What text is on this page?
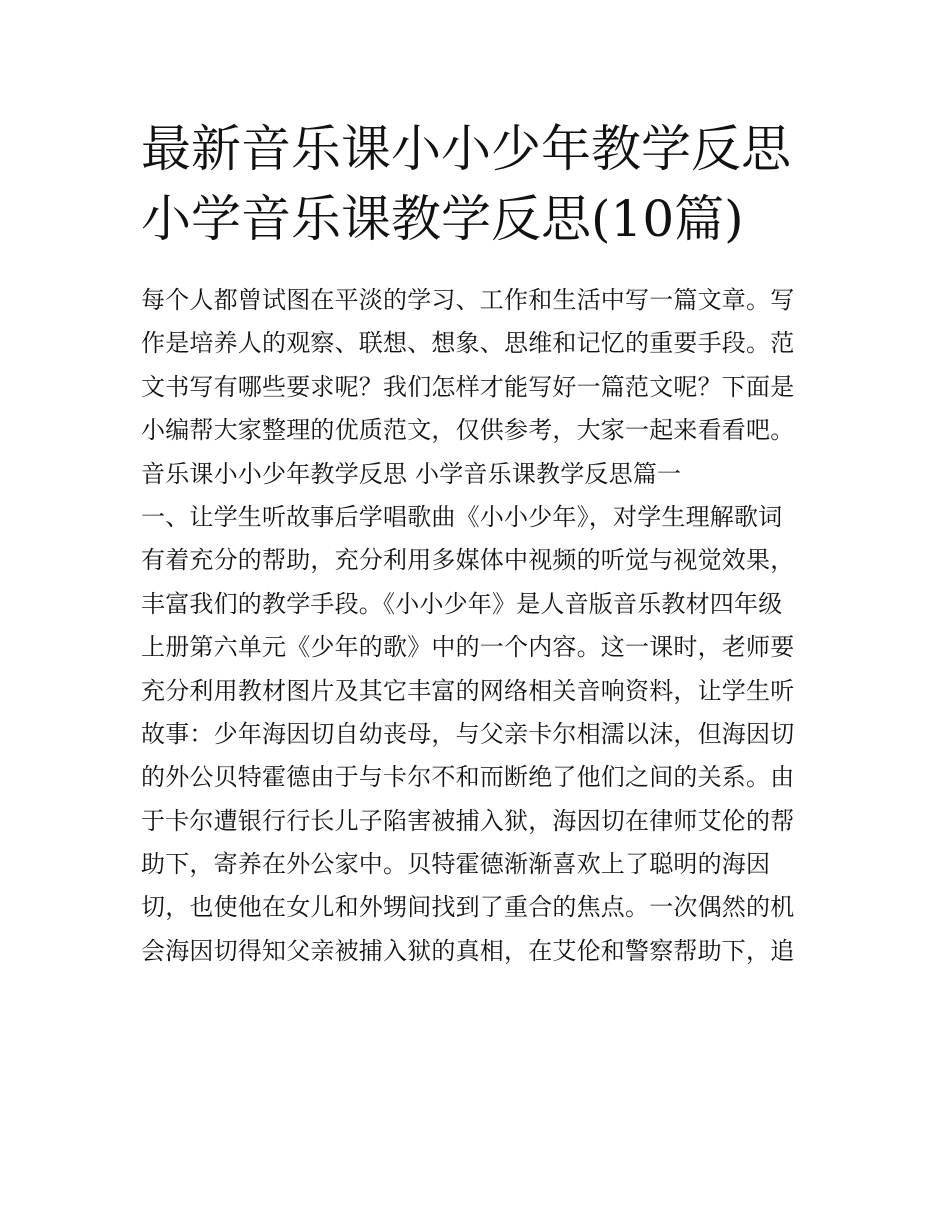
最新音乐课小小少年教学反思
小学音乐课教学反思(10篇)
每个人都曾试图在平淡的学习、工作和生活中写一篇文章。写
作是培养人的观察、联想、想象、思维和记忆的重要手段。范
文书写有哪些要求呢？我们怎样才能写好一篇范文呢？下面是
小编帮大家整理的优质范文，仅供参考，大家一起来看看吧。
音乐课小小少年教学反思 小学音乐课教学反思篇一
一、让学生听故事后学唱歌曲《小小少年》，对学生理解歌词
有着充分的帮助，充分利用多媒体中视频的听觉与视觉效果，
丰富我们的教学手段。《小小少年》是人音版音乐教材四年级
上册第六单元《少年的歌》中的一个内容。这一课时，老师要
充分利用教材图片及其它丰富的网络相关音响资料，让学生听
故事：少年海因切自幼丧母，与父亲卡尔相濡以沫，但海因切
的外公贝特霍德由于与卡尔不和而断绝了他们之间的关系。由
于卡尔遭银行行长儿子陷害被捕入狱，海因切在律师艾伦的帮
助下，寄养在外公家中。贝特霍德渐渐喜欢上了聪明的海因
切，也使他在女儿和外甥间找到了重合的焦点。一次偶然的机
会海因切得知父亲被捕入狱的真相，在艾伦和警察帮助下，追
